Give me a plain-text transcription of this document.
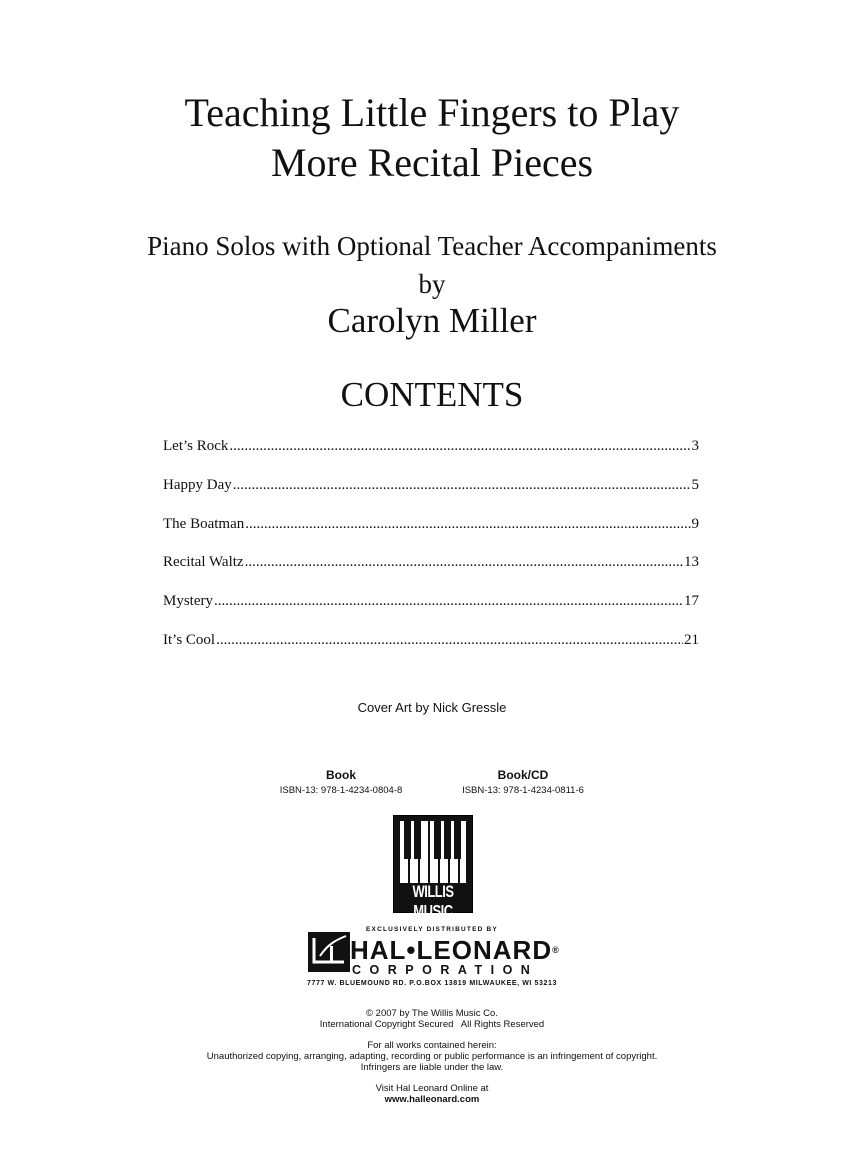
Teaching Little Fingers to Play
More Recital Pieces
Piano Solos with Optional Teacher Accompaniments
by
Carolyn Miller
CONTENTS
Let’s Rock .....	3
Happy Day .....	5
The Boatman .....	9
Recital Waltz .....	13
Mystery .....	17
It’s Cool .....	21
Cover Art by Nick Gressle
Book
ISBN-13: 978-1-4234-0804-8
Book/CD
ISBN-13: 978-1-4234-0811-6
WILLIS MUSIC
EXCLUSIVELY DISTRIBUTED BY
HAL•LEONARD®
CORPORATION
7777 W. BLUEMOUND RD. P.O.BOX 13819 MILWAUKEE, WI 53213
© 2007 by The Willis Music Co.
International Copyright Secured   All Rights Reserved
For all works contained herein:
Unauthorized copying, arranging, adapting, recording or public performance is an infringement of copyright.
Infringers are liable under the law.
Visit Hal Leonard Online at
www.halleonard.com
